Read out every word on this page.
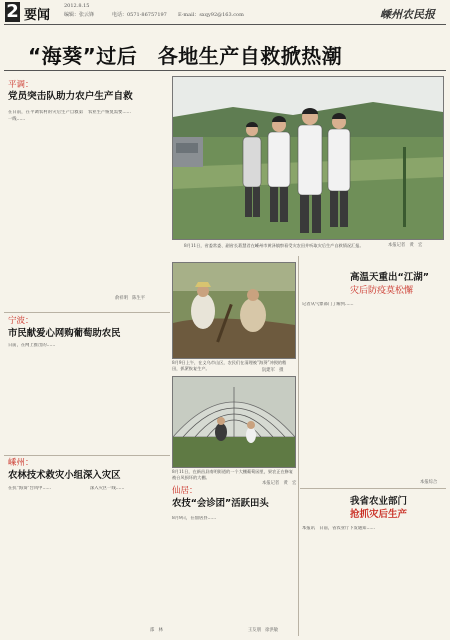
2 要闻
2012.8.15
编辑：张云锋	电话：0571-86757197 E-mail：sxqy92@163.com	嵊州农民报
“海葵”过后　各地生产自救掀热潮
平调：
党员突击队助力农户生产自救
在日前，在平调农村的灾后生产自救第一线……
农业生产恢复需要……
俞祥明　陈生平
8月11日，省委常委、副省长葛慧君在嵊州市黄泽镇察看受灾农田并听取灾后生产自救情况汇报。	本报记者　黄　宏
宁波：
市民献爱心网购葡萄助农民
日前，在网上推出的……
嵊州：
农林技术救灾小组深入灾区
在抗“海葵”台风中……	深入灾区一线……
邵　林
8月9日上午，在义乌市山区，农民们在清理被“海葵”冲毁的稻田，抓紧恢复生产。	阮建军　摄
8月11日，在新昌县南明街道的一个大棚葡萄园里，果农正在修复被台风损坏的大棚。
本报记者　黄　宏
仙居：
农技“会诊团”活跃田头
8月9日，在仙居县……
王友朋　徐洪敏
高温天重出“江湖”
灾后防疫莫松懈
记者从气象部门了解到……
本报综合
我省农业部门
抢抓灾后生产
本报讯　日前，省农业厅下发通知……
